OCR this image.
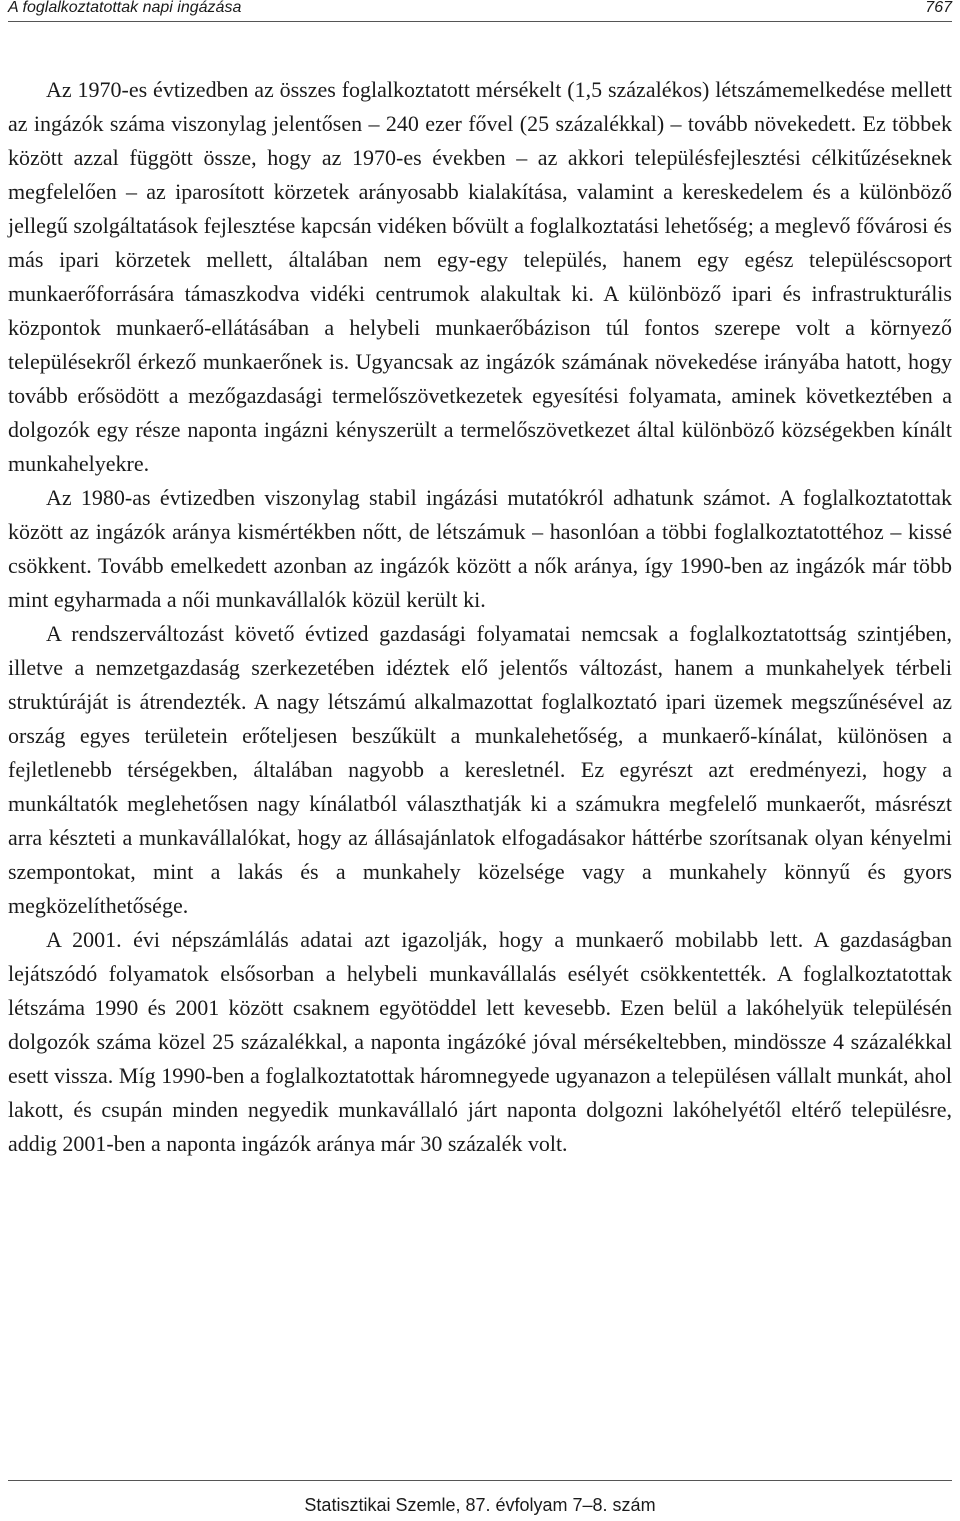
A foglalkoztatottak napi ingázása	767

Az 1970-es évtizedben az összes foglalkoztatott mérsékelt (1,5 százalékos) létszámemelkedése mellett az ingázók száma viszonylag jelentősen – 240 ezer fővel (25 százalékkal) – tovább növekedett. Ez többek között azzal függött össze, hogy az 1970-es években – az akkori településfejlesztési célkitűzéseknek megfelelően – az iparosított körzetek arányosabb kialakítása, valamint a kereskedelem és a különböző jellegű szolgáltatások fejlesztése kapcsán vidéken bővült a foglalkoztatási lehetőség; a meglevő fővárosi és más ipari körzetek mellett, általában nem egy-egy település, hanem egy egész településcsoport munkaerőforrására támaszkodva vidéki centrumok alakultak ki. A különböző ipari és infrastrukturális központok munkaerő-ellátásában a helybeli munkaerőbázison túl fontos szerepe volt a környező településekről érkező munkaerőnek is. Ugyancsak az ingázók számának növekedése irányába hatott, hogy tovább erősödött a mezőgazdasági termelőszövetkezetek egyesítési folyamata, aminek következtében a dolgozók egy része naponta ingázni kényszerült a termelőszövetkezet által különböző községekben kínált munkahelyekre.

Az 1980-as évtizedben viszonylag stabil ingázási mutatókról adhatunk számot. A foglalkoztatottak között az ingázók aránya kismértékben nőtt, de létszámuk – hasonlóan a többi foglalkoztatottéhoz – kissé csökkent. Tovább emelkedett azonban az ingázók között a nők aránya, így 1990-ben az ingázók már több mint egyharmada a női munkavállalók közül került ki.

A rendszerváltozást követő évtized gazdasági folyamatai nemcsak a foglalkoztatottság szintjében, illetve a nemzetgazdaság szerkezetében idéztek elő jelentős változást, hanem a munkahelyek térbeli struktúráját is átrendezték. A nagy létszámú alkalmazottat foglalkoztató ipari üzemek megszűnésével az ország egyes területein erőteljesen beszűkült a munkalehetőség, a munkaerő-kínálat, különösen a fejletlenebb térségekben, általában nagyobb a keresletnél. Ez egyrészt azt eredményezi, hogy a munkáltatók meglehetősen nagy kínálatból választhatják ki a számukra megfelelő munkaerőt, másrészt arra készteti a munkavállalókat, hogy az állásajánlatok elfogadásakor háttérbe szorítsanak olyan kényelmi szempontokat, mint a lakás és a munkahely közelsége vagy a munkahely könnyű és gyors megközelíthetősége.

A 2001. évi népszámlálás adatai azt igazolják, hogy a munkaerő mobilabb lett. A gazdaságban lejátszódó folyamatok elsősorban a helybeli munkavállalás esélyét csökkentették. A foglalkoztatottak létszáma 1990 és 2001 között csaknem egyötöddel lett kevesebb. Ezen belül a lakóhelyük településén dolgozók száma közel 25 százalékkal, a naponta ingázóké jóval mérsékeltebben, mindössze 4 százalékkal esett vissza. Míg 1990-ben a foglalkoztatottak háromnegyede ugyanazon a településen vállalt munkát, ahol lakott, és csupán minden negyedik munkavállaló járt naponta dolgozni lakóhelyétől eltérő településre, addig 2001-ben a naponta ingázók aránya már 30 százalék volt.

Statisztikai Szemle, 87. évfolyam 7–8. szám
